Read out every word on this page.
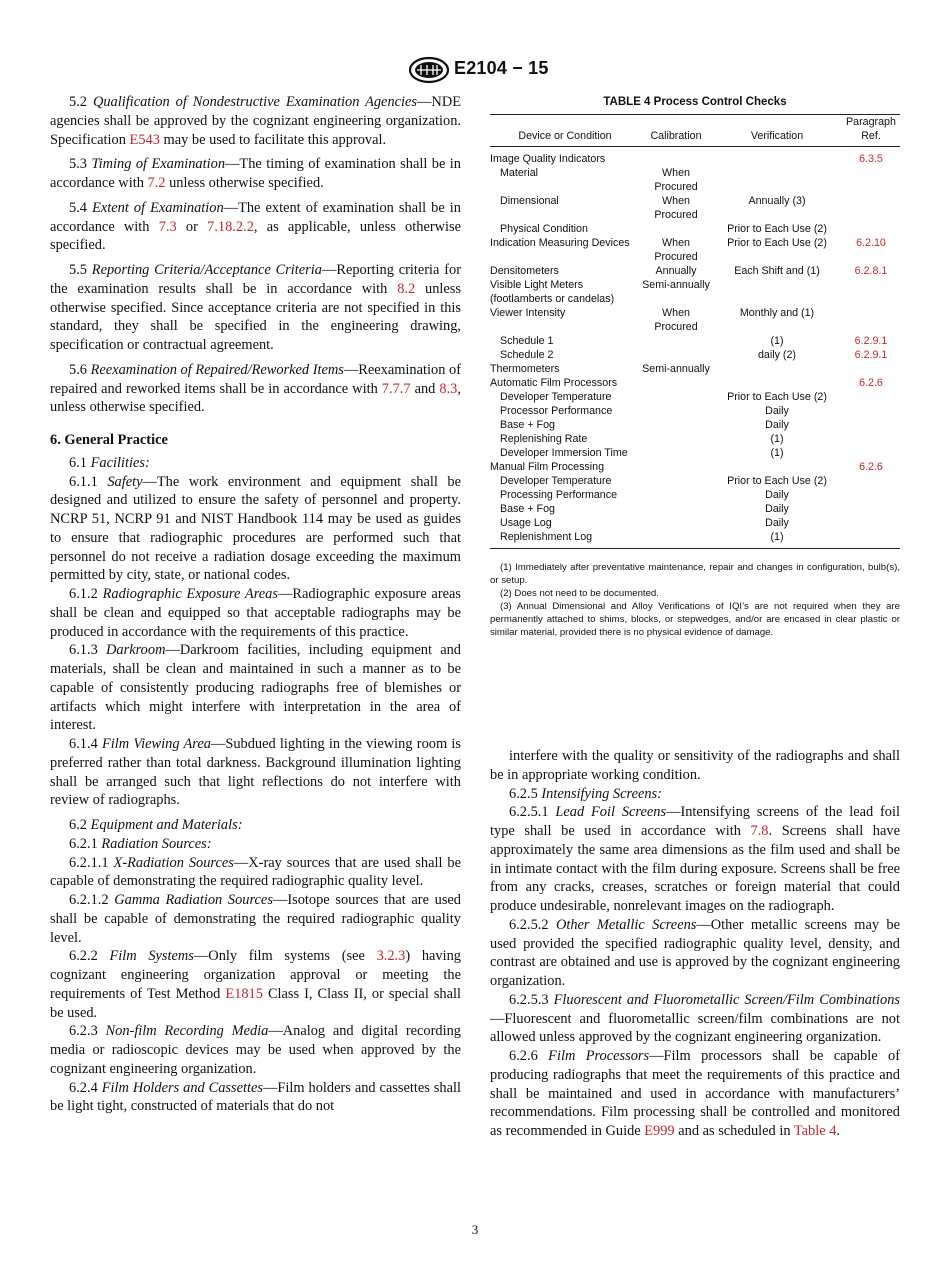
E2104 − 15

5.2 Qualification of Nondestructive Examination Agencies—NDE agencies shall be approved by the cognizant engineering organization. Specification E543 may be used to facilitate this approval.

5.3 Timing of Examination—The timing of examination shall be in accordance with 7.2 unless otherwise specified.

5.4 Extent of Examination—The extent of examination shall be in accordance with 7.3 or 7.18.2.2, as applicable, unless otherwise specified.

5.5 Reporting Criteria/Acceptance Criteria—Reporting criteria for the examination results shall be in accordance with 8.2 unless otherwise specified. Since acceptance criteria are not specified in this standard, they shall be specified in the engineering drawing, specification or contractual agreement.

5.6 Reexamination of Repaired/Reworked Items—Reexamination of repaired and reworked items shall be in accordance with 7.7.7 and 8.3, unless otherwise specified.

6. General Practice

6.1 Facilities:

6.1.1 Safety—The work environment and equipment shall be designed and utilized to ensure the safety of personnel and property. NCRP 51, NCRP 91 and NIST Handbook 114 may be used as guides to ensure that radiographic procedures are performed such that personnel do not receive a radiation dosage exceeding the maximum permitted by city, state, or national codes.

6.1.2 Radiographic Exposure Areas—Radiographic exposure areas shall be clean and equipped so that acceptable radiographs may be produced in accordance with the requirements of this practice.

6.1.3 Darkroom—Darkroom facilities, including equipment and materials, shall be clean and maintained in such a manner as to be capable of consistently producing radiographs free of blemishes or artifacts which might interfere with interpretation in the area of interest.

6.1.4 Film Viewing Area—Subdued lighting in the viewing room is preferred rather than total darkness. Background illumination lighting shall be arranged such that light reflections do not interfere with review of radiographs.

6.2 Equipment and Materials:

6.2.1 Radiation Sources:

6.2.1.1 X-Radiation Sources—X-ray sources that are used shall be capable of demonstrating the required radiographic quality level.

6.2.1.2 Gamma Radiation Sources—Isotope sources that are used shall be capable of demonstrating the required radiographic quality level.

6.2.2 Film Systems—Only film systems (see 3.2.3) having cognizant engineering organization approval or meeting the requirements of Test Method E1815 Class I, Class II, or special shall be used.

6.2.3 Non-film Recording Media—Analog and digital recording media or radioscopic devices may be used when approved by the cognizant engineering organization.

6.2.4 Film Holders and Cassettes—Film holders and cassettes shall be light tight, constructed of materials that do not

TABLE 4 Process Control Checks
Device or Condition	Calibration	Verification	Paragraph Ref.
Image Quality Indicators			6.3.5
Material	When Procured		
Dimensional	When Procured	Annually (3)	
Physical Condition		Prior to Each Use (2)	
Indication Measuring Devices	When Procured	Prior to Each Use (2)	6.2.10
Densitometers	Annually	Each Shift and (1)	6.2.8.1
Visible Light Meters (footlamberts or candelas)	Semi-annually		
Viewer Intensity	When Procured	Monthly and (1)	
Schedule 1		(1)	6.2.9.1
Schedule 2		daily (2)	6.2.9.1
Thermometers	Semi-annually		
Automatic Film Processors			6.2.6
Developer Temperature		Prior to Each Use (2)	
Processor Performance		Daily	
Base + Fog		Daily	
Replenishing Rate		(1)	
Developer Immersion Time		(1)	
Manual Film Processing			6.2.6
Developer Temperature		Prior to Each Use (2)	
Processing Performance		Daily	
Base + Fog		Daily	
Usage Log		Daily	
Replenishment Log		(1)	

(1) Immediately after preventative maintenance, repair and changes in configuration, bulb(s), or setup.

(2) Does not need to be documented.

(3) Annual Dimensional and Alloy Verifications of IQI’s are not required when they are permanently attached to shims, blocks, or stepwedges, and/or are encased in clear plastic or similar material, provided there is no physical evidence of damage.

interfere with the quality or sensitivity of the radiographs and shall be in appropriate working condition.

6.2.5 Intensifying Screens:

6.2.5.1 Lead Foil Screens—Intensifying screens of the lead foil type shall be used in accordance with 7.8. Screens shall have approximately the same area dimensions as the film used and shall be in intimate contact with the film during exposure. Screens shall be free from any cracks, creases, scratches or foreign material that could produce undesirable, nonrelevant images on the radiograph.

6.2.5.2 Other Metallic Screens—Other metallic screens may be used provided the specified radiographic quality level, density, and contrast are obtained and use is approved by the cognizant engineering organization.

6.2.5.3 Fluorescent and Fluorometallic Screen/Film Combinations—Fluorescent and fluorometallic screen/film combinations are not allowed unless approved by the cognizant engineering organization.

6.2.6 Film Processors—Film processors shall be capable of producing radiographs that meet the requirements of this practice and shall be maintained and used in accordance with manufacturers’ recommendations. Film processing shall be controlled and monitored as recommended in Guide E999 and as scheduled in Table 4.

3
